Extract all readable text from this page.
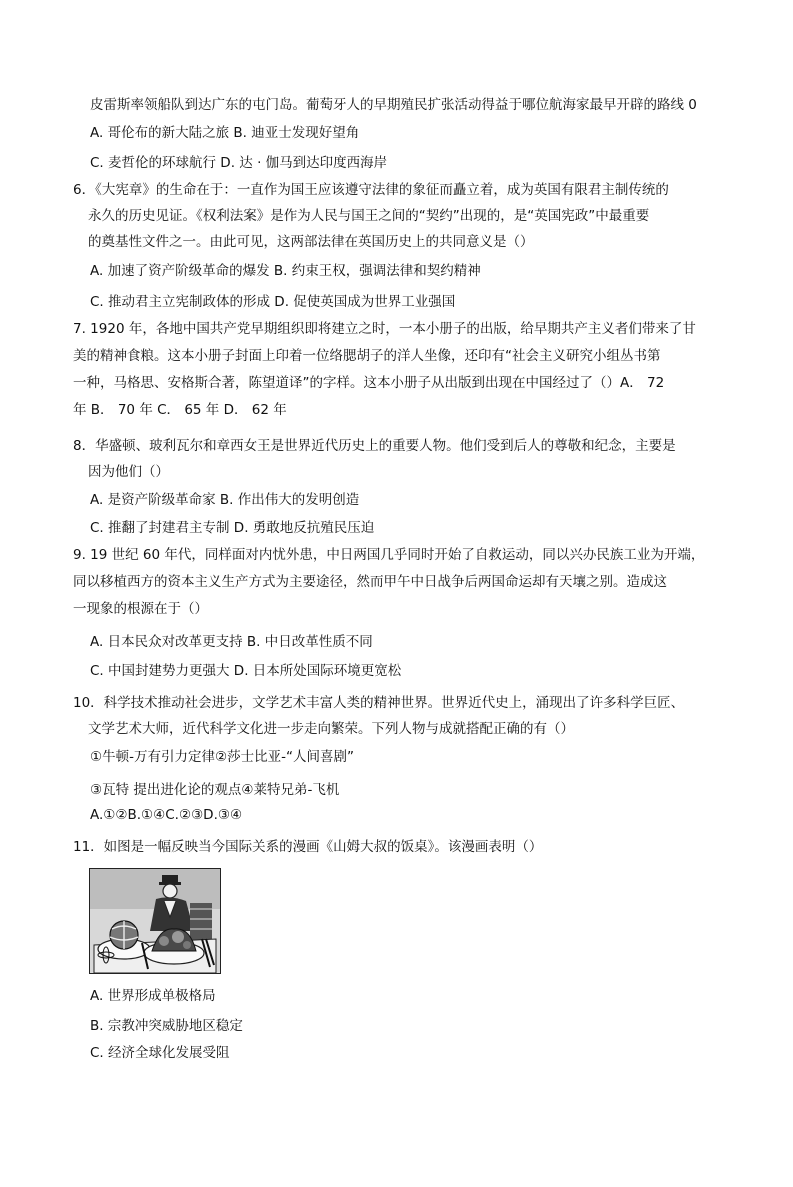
皮雷斯率领船队到达广东的屯门岛。葡萄牙人的早期殖民扩张活动得益于哪位航海家最早开辟的路线 0
A. 哥伦布的新大陆之旅 B. 迪亚士发现好望角
C. 麦哲伦的环球航行 D. 达 · 伽马到达印度西海岸
6．《大宪章》的生命在于：一直作为国王应该遵守法律的象征而矗立着，成为英国有限君主制传统的
永久的历史见证。《权利法案》是作为人民与国王之间的“契约”出现的，是“英国宪政”中最重要
的奠基性文件之一。由此可见，这两部法律在英国历史上的共同意义是（）
A. 加速了资产阶级革命的爆发 B. 约束王权，强调法律和契约精神
C. 推动君主立宪制政体的形成 D. 促使英国成为世界工业强国
7. 1920 年，各地中国共产党早期组织即将建立之时，一本小册子的出版，给早期共产主义者们带来了甘
美的精神食粮。这本小册子封面上印着一位络腮胡子的洋人坐像，还印有“社会主义研究小组丛书第
一种，马格思、安格斯合著，陈望道译”的字样。这本小册子从出版到出现在中国经过了（）A． 72
年 B． 70 年 C． 65 年 D． 62 年
8．华盛顿、玻利瓦尔和章西女王是世界近代历史上的重要人物。他们受到后人的尊敬和纪念，主要是
因为他们（）
A. 是资产阶级革命家 B. 作出伟大的发明创造
C. 推翻了封建君主专制 D. 勇敢地反抗殖民压迫
9. 19 世纪 60 年代，同样面对内忧外患，中日两国几乎同时开始了自救运动，同以兴办民族工业为开端，
同以移植西方的资本主义生产方式为主要途径，然而甲午中日战争后两国命运却有天壤之别。造成这
一现象的根源在于（）
A. 日本民众对改革更支持 B. 中日改革性质不同
C. 中国封建势力更强大 D. 日本所处国际环境更宽松
10．科学技术推动社会进步，文学艺术丰富人类的精神世界。世界近代史上，涌现出了许多科学巨匠、
文学艺术大师，近代科学文化进一步走向繁荣。下列人物与成就搭配正确的有（）
①牛顿-万有引力定律②莎士比亚-“人间喜剧”
③瓦特 提出进化论的观点④莱特兄弟-飞机
A.①②B.①④C.②③D.③④
11．如图是一幅反映当今国际关系的漫画《山姆大叔的饭桌》。该漫画表明（）
A. 世界形成单极格局
B. 宗教冲突威胁地区稳定
C. 经济全球化发展受阻
